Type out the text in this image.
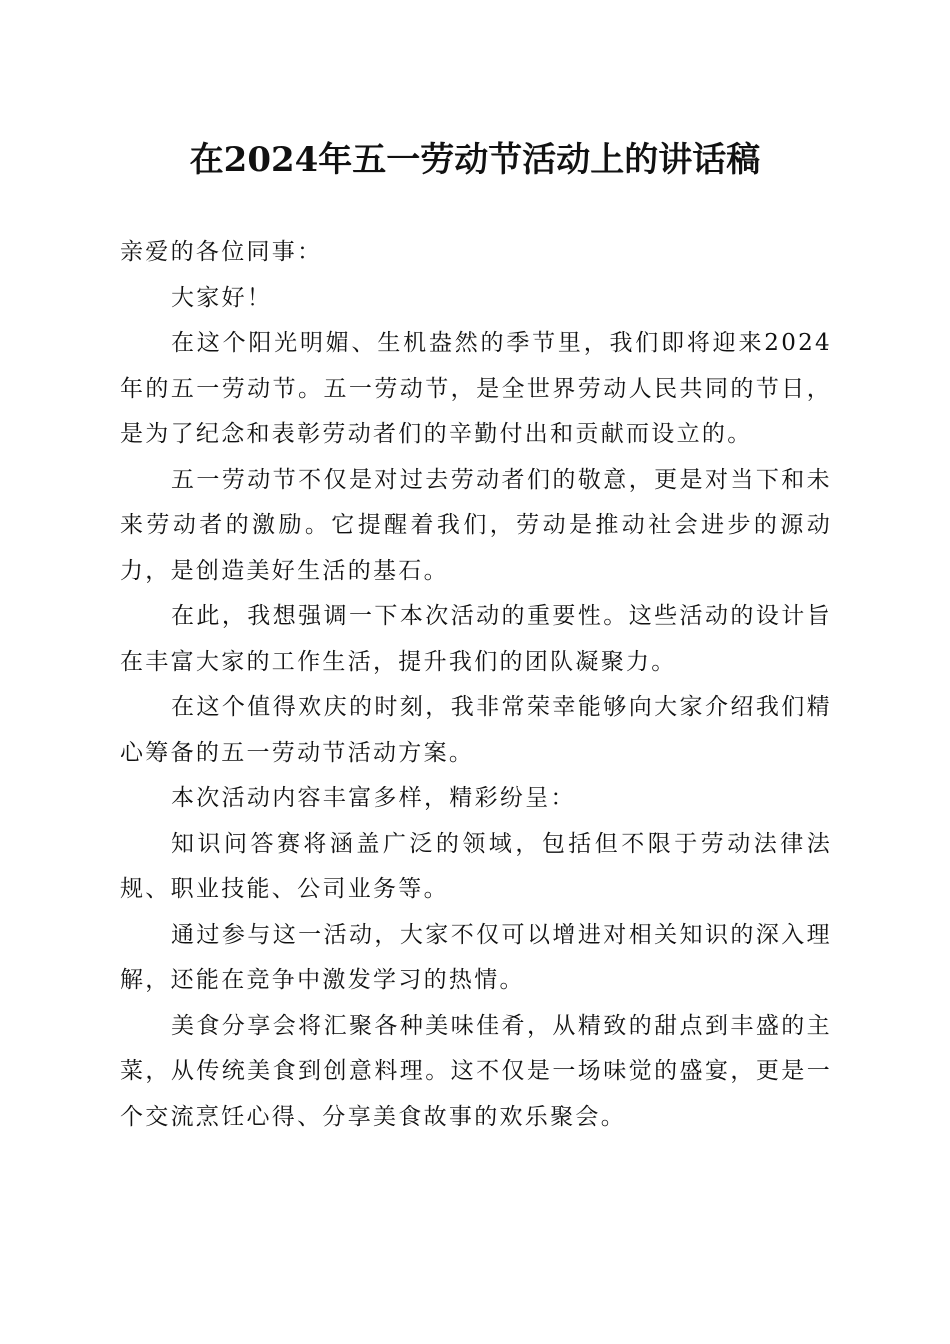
在2024年五一劳动节活动上的讲话稿

亲爱的各位同事：

大家好！

在这个阳光明媚、生机盎然的季节里，我们即将迎来2024年的五一劳动节。五一劳动节，是全世界劳动人民共同的节日，是为了纪念和表彰劳动者们的辛勤付出和贡献而设立的。

五一劳动节不仅是对过去劳动者们的敬意，更是对当下和未来劳动者的激励。它提醒着我们，劳动是推动社会进步的源动力，是创造美好生活的基石。

在此，我想强调一下本次活动的重要性。这些活动的设计旨在丰富大家的工作生活，提升我们的团队凝聚力。

在这个值得欢庆的时刻，我非常荣幸能够向大家介绍我们精心筹备的五一劳动节活动方案。

本次活动内容丰富多样，精彩纷呈：

知识问答赛将涵盖广泛的领域，包括但不限于劳动法律法规、职业技能、公司业务等。

通过参与这一活动，大家不仅可以增进对相关知识的深入理解，还能在竞争中激发学习的热情。

美食分享会将汇聚各种美味佳肴，从精致的甜点到丰盛的主菜，从传统美食到创意料理。这不仅是一场味觉的盛宴，更是一个交流烹饪心得、分享美食故事的欢乐聚会。
